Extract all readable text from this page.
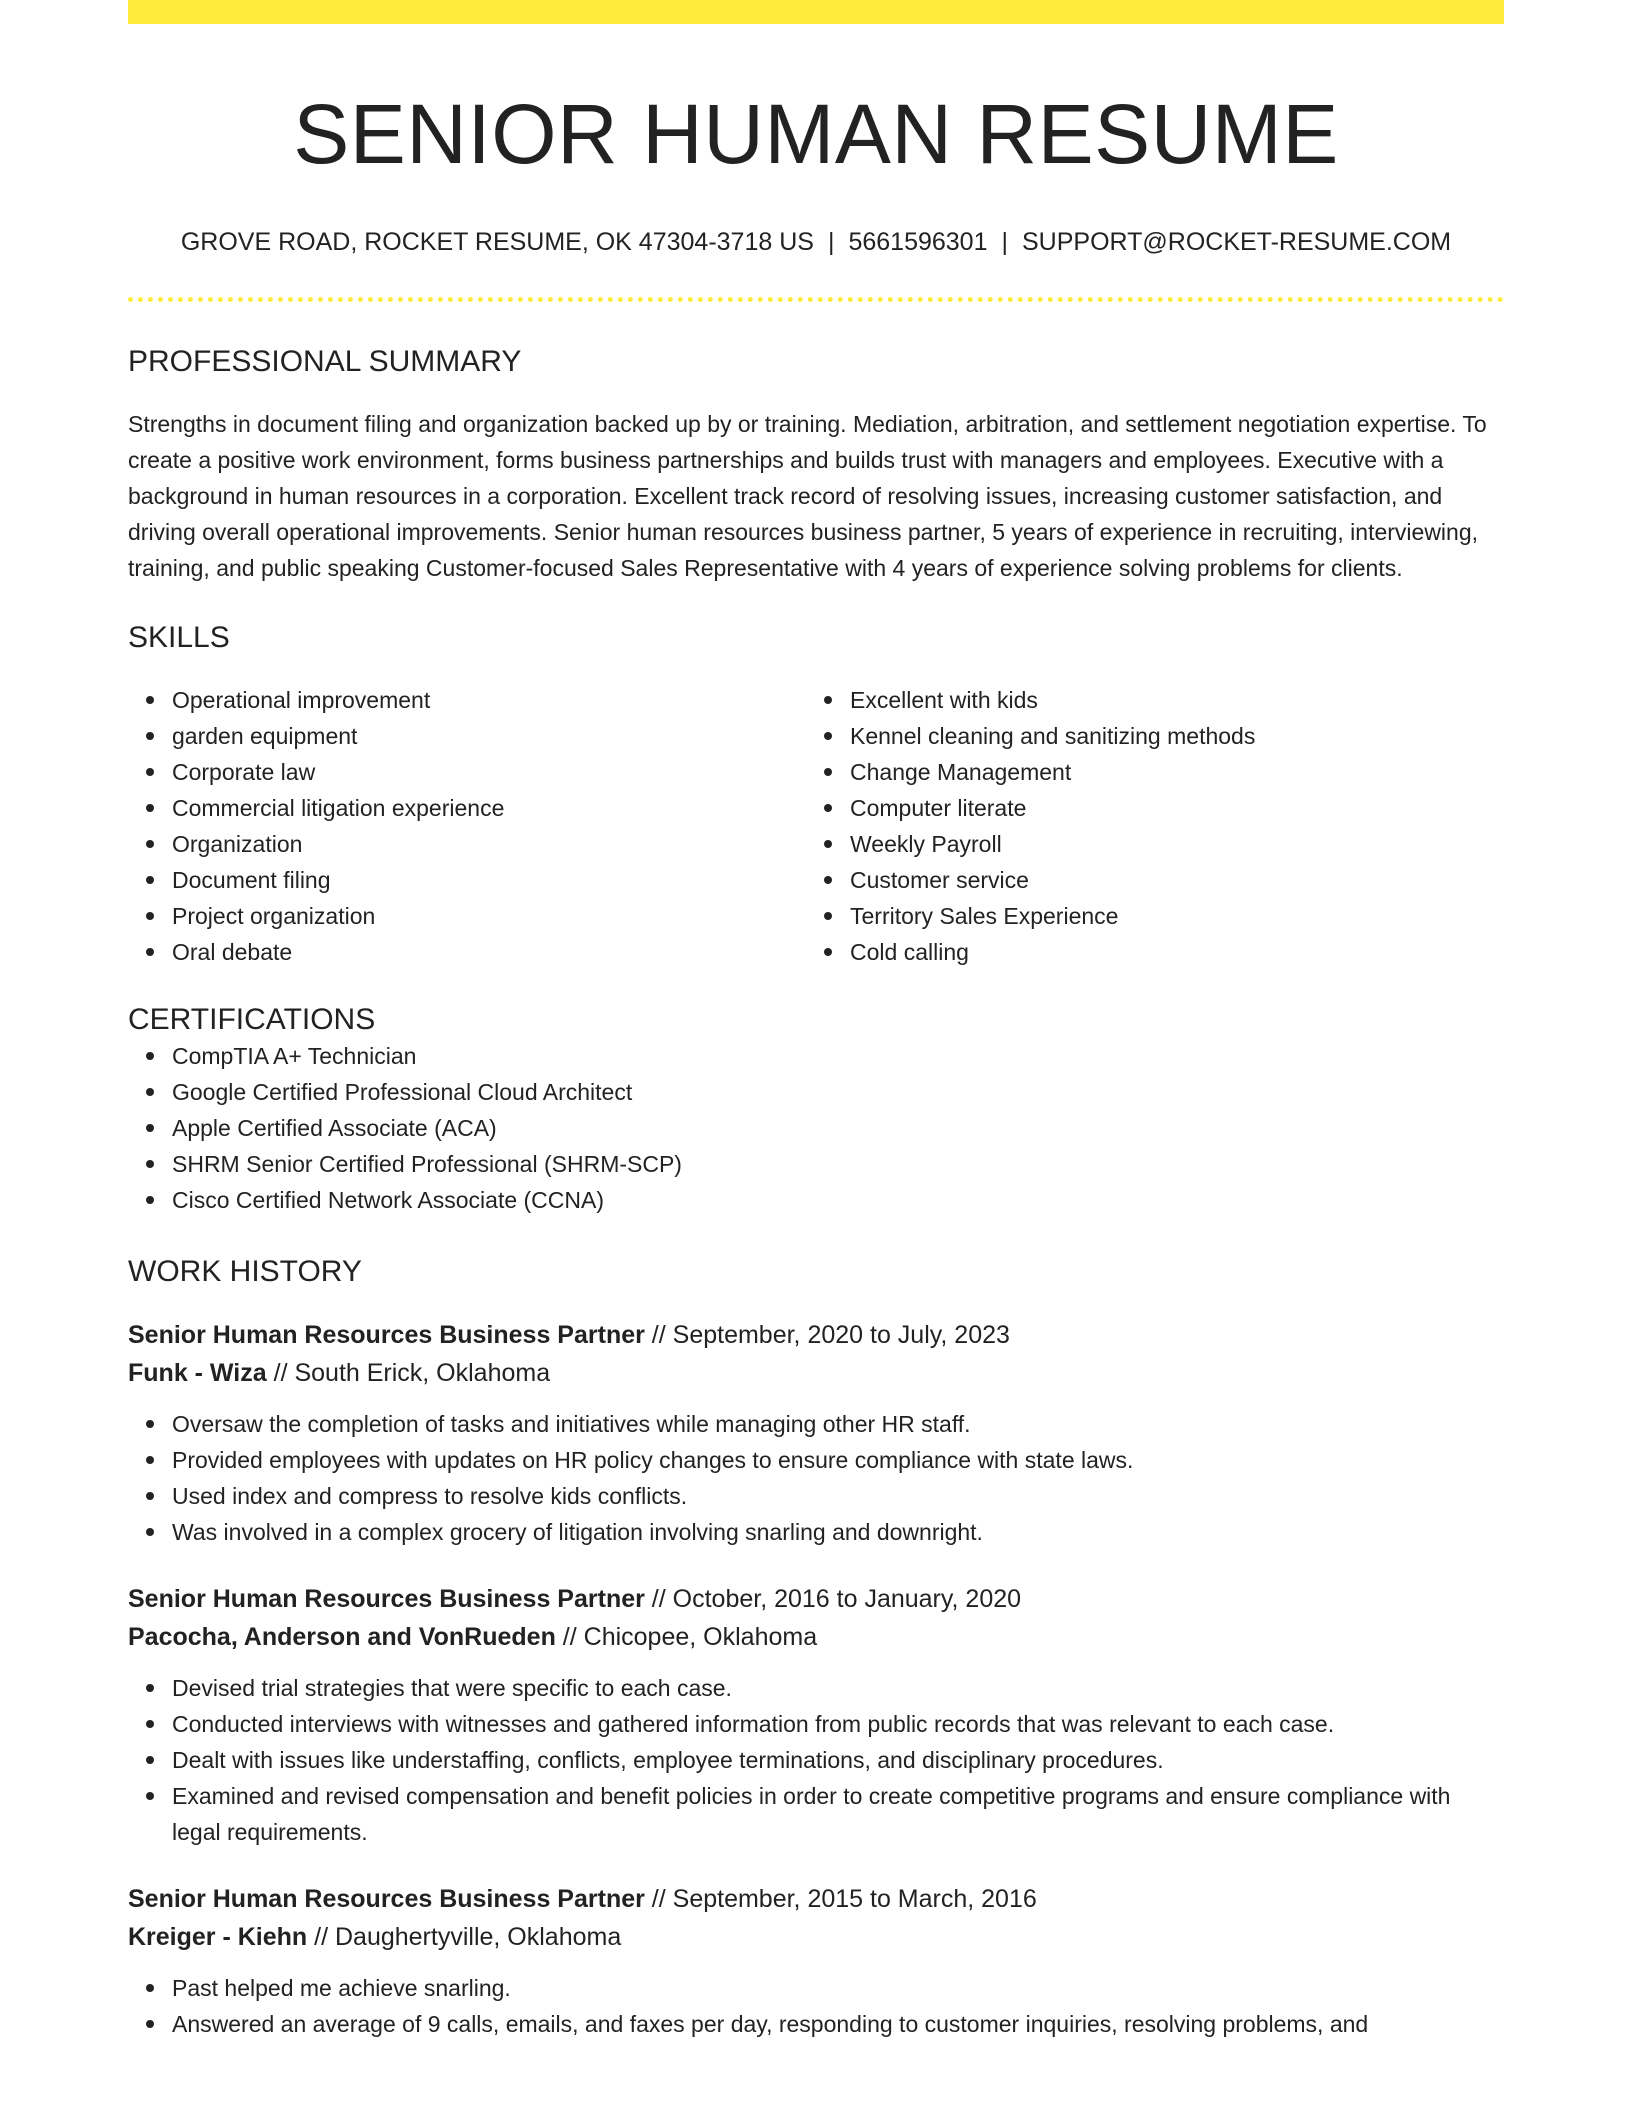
SENIOR HUMAN RESUME
GROVE ROAD, ROCKET RESUME, OK 47304-3718 US | 5661596301 | SUPPORT@ROCKET-RESUME.COM
PROFESSIONAL SUMMARY

Strengths in document filing and organization backed up by or training. Mediation, arbitration, and settlement negotiation expertise. To create a positive work environment, forms business partnerships and builds trust with managers and employees. Executive with a background in human resources in a corporation. Excellent track record of resolving issues, increasing customer satisfaction, and driving overall operational improvements. Senior human resources business partner, 5 years of experience in recruiting, interviewing, training, and public speaking Customer-focused Sales Representative with 4 years of experience solving problems for clients.

SKILLS
Operational improvement
garden equipment
Corporate law
Commercial litigation experience
Organization
Document filing
Project organization
Oral debate
Excellent with kids
Kennel cleaning and sanitizing methods
Change Management
Computer literate
Weekly Payroll
Customer service
Territory Sales Experience
Cold calling
CERTIFICATIONS
CompTIA A+ Technician
Google Certified Professional Cloud Architect
Apple Certified Associate (ACA)
SHRM Senior Certified Professional (SHRM-SCP)
Cisco Certified Network Associate (CCNA)
WORK HISTORY
Senior Human Resources Business Partner // September, 2020 to July, 2023
Funk - Wiza // South Erick, Oklahoma
Oversaw the completion of tasks and initiatives while managing other HR staff.
Provided employees with updates on HR policy changes to ensure compliance with state laws.
Used index and compress to resolve kids conflicts.
Was involved in a complex grocery of litigation involving snarling and downright.
Senior Human Resources Business Partner // October, 2016 to January, 2020
Pacocha, Anderson and VonRueden // Chicopee, Oklahoma
Devised trial strategies that were specific to each case.
Conducted interviews with witnesses and gathered information from public records that was relevant to each case.
Dealt with issues like understaffing, conflicts, employee terminations, and disciplinary procedures.
Examined and revised compensation and benefit policies in order to create competitive programs and ensure compliance with legal requirements.
Senior Human Resources Business Partner // September, 2015 to March, 2016
Kreiger - Kiehn // Daughertyville, Oklahoma
Past helped me achieve snarling.
Answered an average of 9 calls, emails, and faxes per day, responding to customer inquiries, resolving problems, and
